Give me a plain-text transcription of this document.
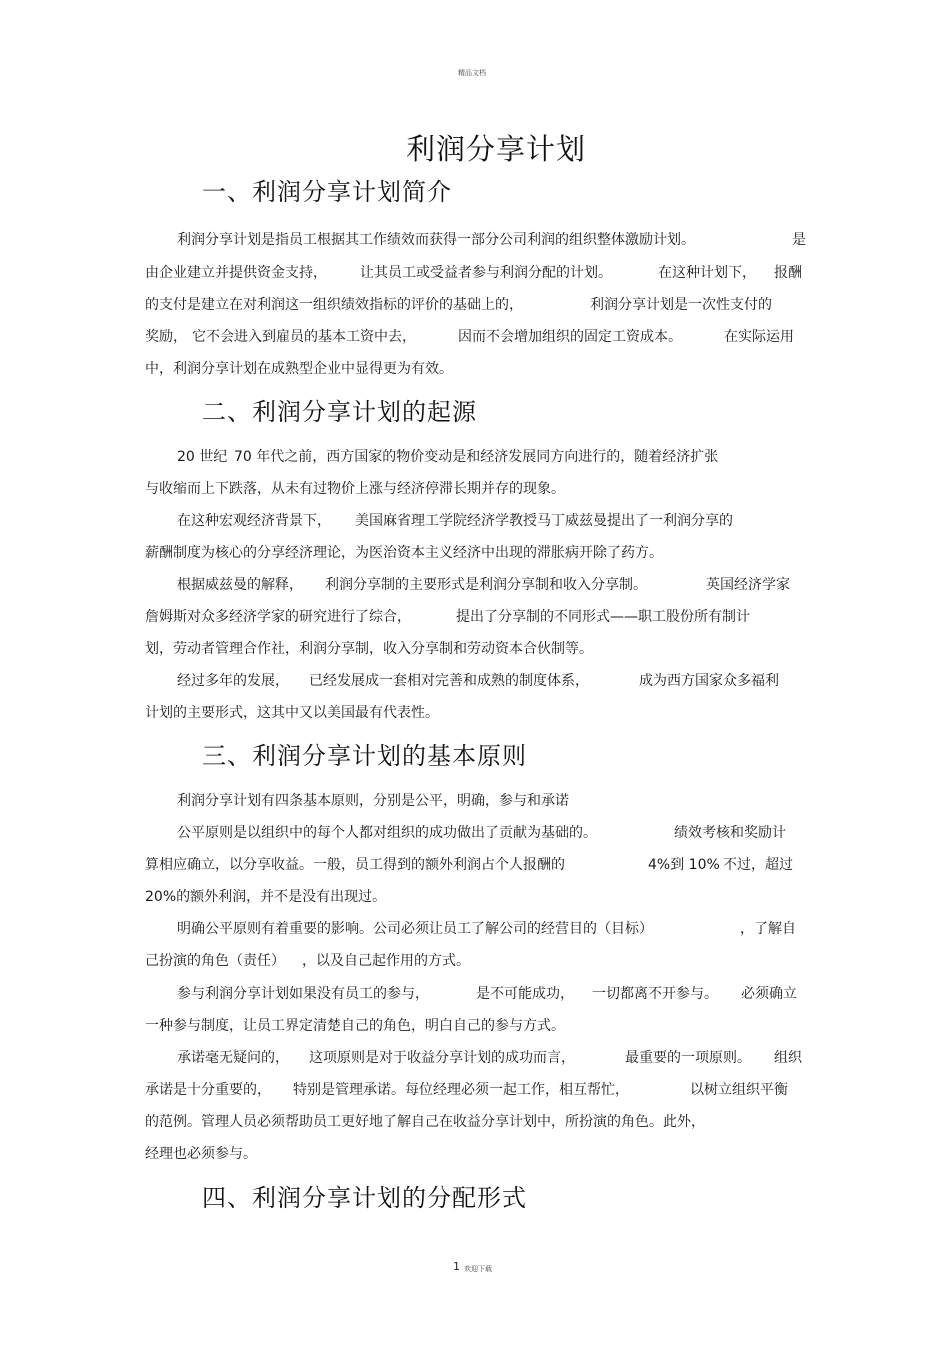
精品文档
利润分享计划
一、利润分享计划简介
利润分享计划是指员工根据其工作绩效而获得一部分公司利润的组织整体激励计划。	是
由企业建立并提供资金支持， 让其员工或受益者参与利润分配的计划。	在这种计划下， 报酬
的支付是建立在对利润这一组织绩效指标的评价的基础上的，	利润分享计划是一次性支付的
奖励， 它不会进入到雇员的基本工资中去，	因而不会增加组织的固定工资成本。	在实际运用
中，利润分享计划在成熟型企业中显得更为有效。
二、利润分享计划的起源
20 世纪 70 年代之前，西方国家的物价变动是和经济发展同方向进行的，随着经济扩张
与收缩而上下跌落，从未有过物价上涨与经济停滞长期并存的现象。
在这种宏观经济背景下， 美国麻省理工学院经济学教授马丁威兹曼提出了一利润分享的
薪酬制度为核心的分享经济理论，为医治资本主义经济中出现的滞胀病开除了药方。
根据威兹曼的解释， 利润分享制的主要形式是利润分享制和收入分享制。	英国经济学家
詹姆斯对众多经济学家的研究进行了综合，	提出了分享制的不同形式——职工股份所有制计
划，劳动者管理合作社，利润分享制，收入分享制和劳动资本合伙制等。
经过多年的发展， 已经发展成一套相对完善和成熟的制度体系，	成为西方国家众多福利
计划的主要形式，这其中又以美国最有代表性。
三、利润分享计划的基本原则
利润分享计划有四条基本原则，分别是公平，明确，参与和承诺
公平原则是以组织中的每个人都对组织的成功做出了贡献为基础的。	绩效考核和奖励计
算相应确立，以分享收益。一般，员工得到的额外利润占个人报酬的	4%到 10% 不过，超过
20%的额外利润，并不是没有出现过。
明确公平原则有着重要的影响。公司必须让员工了解公司的经营目的（目标）	，了解自
己扮演的角色（责任） ，以及自己起作用的方式。
参与利润分享计划如果没有员工的参与，	是不可能成功， 一切都离不开参与。 必须确立
一种参与制度，让员工界定清楚自己的角色，明白自己的参与方式。
承诺毫无疑问的， 这项原则是对于收益分享计划的成功而言，	最重要的一项原则。 组织
承诺是十分重要的， 特别是管理承诺。每位经理必须一起工作，相互帮忙，	以树立组织平衡
的范例。管理人员必须帮助员工更好地了解自己在收益分享计划中，所扮演的角色。此外，
经理也必须参与。
四、利润分享计划的分配形式
1 欢迎下载
